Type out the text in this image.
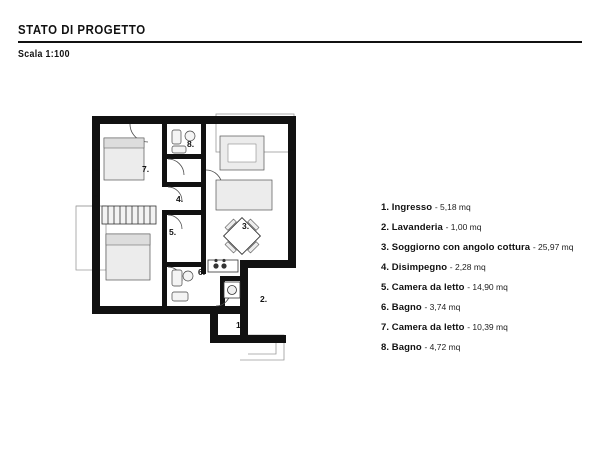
STATO DI PROGETTO
Scala 1:100
1.
2.
3.
4.
5.
6.
7.
8.
1. Ingresso - 5,18 mq
2. Lavanderia - 1,00 mq
3. Soggiorno con angolo cottura - 25,97 mq
4. Disimpegno - 2,28 mq
5. Camera da letto - 14,90 mq
6. Bagno - 3,74 mq
7. Camera da letto - 10,39 mq
8. Bagno - 4,72 mq
